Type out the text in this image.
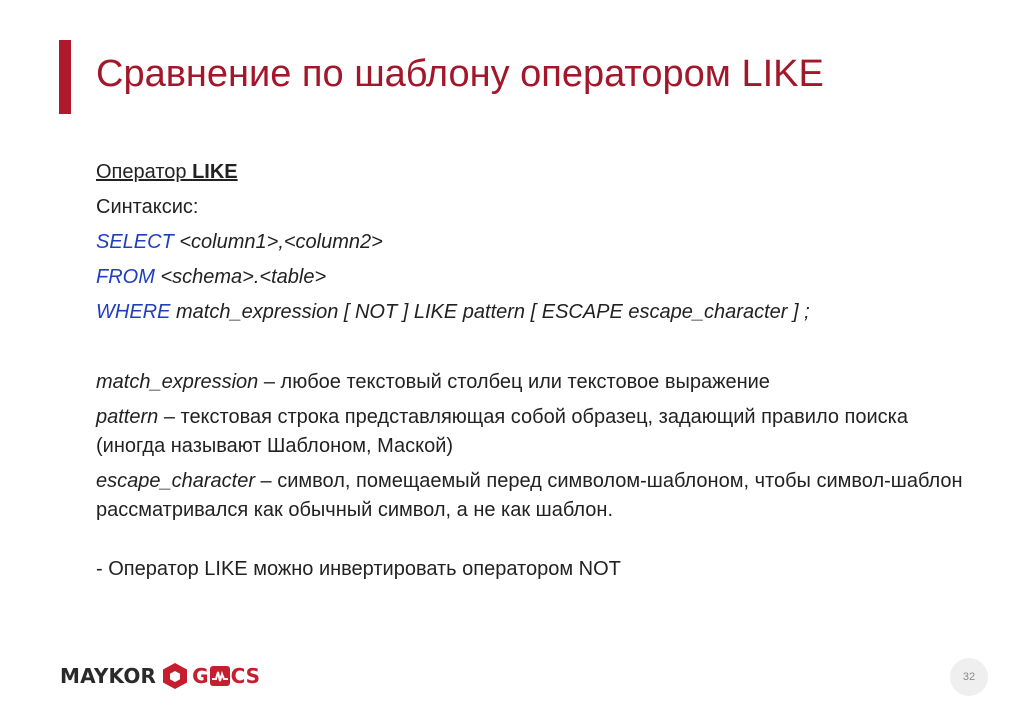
Сравнение по шаблону оператором LIKE
Оператор LIKE
Синтаксис:
SELECT <column1>,<column2>
FROM <schema>.<table>
WHERE match_expression [ NOT ] LIKE pattern [ ESCAPE escape_character ] ;
match_expression – любое текстовый столбец или текстовое выражение
pattern – текстовая строка представляющая собой образец, задающий правило поиска (иногда называют Шаблоном, Маской)
escape_character – символ, помещаемый перед символом-шаблоном, чтобы символ-шаблон рассматривался как обычный символ, а не как шаблон.
- Оператор LIKE можно инвертировать оператором NOT
MAYKOR G CS	32
